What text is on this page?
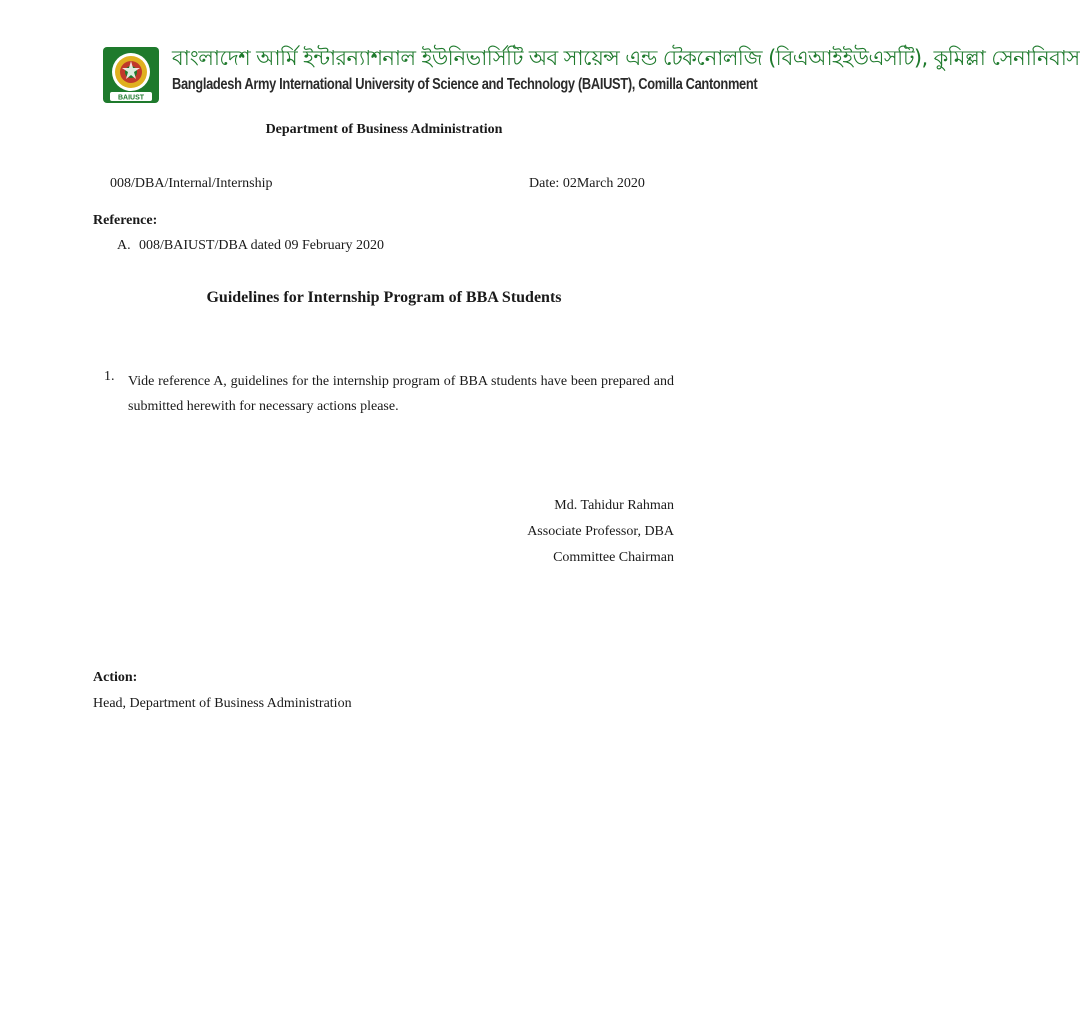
BAIUST
বাংলাদেশ আর্মি ইন্টারন্যাশনাল ইউনিভার্সিটি অব সায়েন্স এন্ড টেকনোলজি (বিএআইইউএসটি), কুমিল্লা সেনানিবাস
Bangladesh Army International University of Science and Technology (BAIUST), Comilla Cantonment
Department of Business Administration
008/DBA/Internal/Internship	Date: 02March 2020
Reference:
A. 008/BAIUST/DBA dated 09 February 2020
Guidelines for Internship Program of BBA Students
1. Vide reference A, guidelines for the internship program of BBA students have been prepared and submitted herewith for necessary actions please.
Md. Tahidur Rahman
Associate Professor, DBA
Committee Chairman
Action:
Head, Department of Business Administration
